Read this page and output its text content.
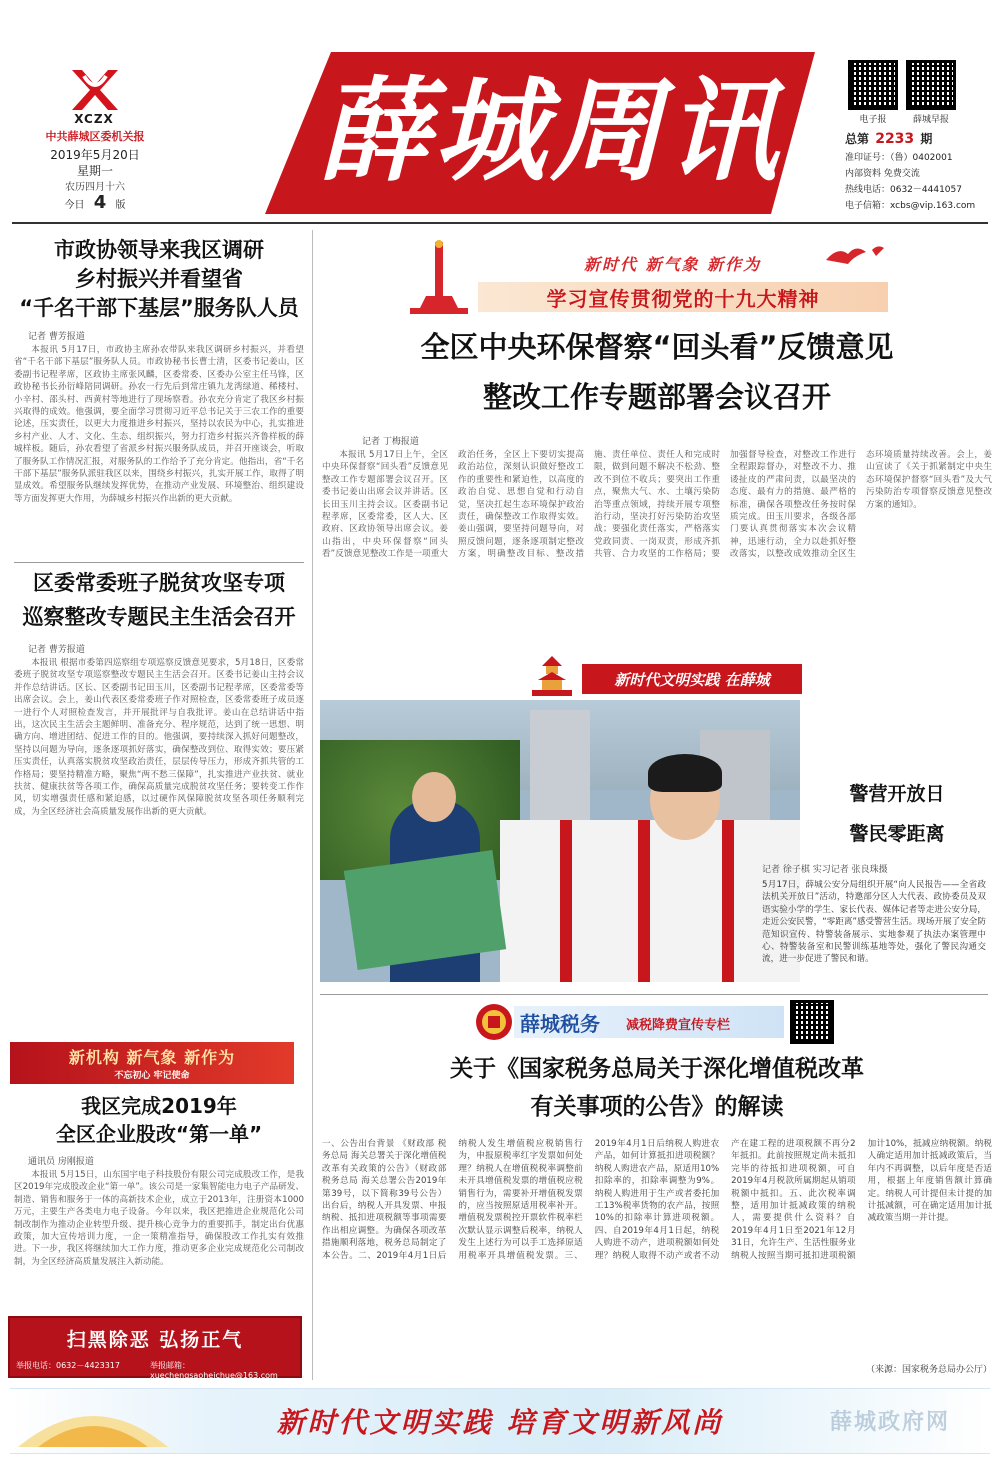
XCZX
中共薛城区委机关报
2019年5月20日
星期一
农历四月十六
今日 4 版
薛城周讯	电子报	薛城早报
总第 2233 期
准印证号：（鲁）0402001
内部资料 免费交流
热线电话：0632－4441057
电子信箱：xcbs@vip.163.com
市政协领导来我区调研
乡村振兴并看望省
“千名干部下基层”服务队人员
记者 曹芳报道
本报讯 5月17日，市政协主席孙农带队来我区调研乡村振兴，并看望省“千名干部下基层”服务队人员。市政协秘书长曹士清，区委书记姜山，区委副书记程孝席，区政协主席张风麟，区委常委、区委办公室主任马锋，区政协秘书长孙衍峰陪同调研。孙农一行先后到常庄镇九龙湾绿道、稀楼村、小辛村、邵头村、西黄村等地进行了现场察看。孙农充分肯定了我区乡村振兴取得的成效。他强调，要全面学习贯彻习近平总书记关于三农工作的重要论述，压实责任，以更大力度推进乡村振兴，坚持以农民为中心，扎实推进乡村产业、人才、文化、生态、组织振兴，努力打造乡村振兴齐鲁样板的薛城样板。随后，孙农看望了省派乡村振兴服务队成员，并召开座谈会，听取了服务队工作情况汇报，对服务队的工作给予了充分肯定。他指出，省“千名干部下基层”服务队派驻我区以来，围绕乡村振兴，扎实开展工作，取得了明显成效。希望服务队继续发挥优势，在推动产业发展、环境整治、组织建设等方面发挥更大作用，为薛城乡村振兴作出新的更大贡献。
区委常委班子脱贫攻坚专项
巡察整改专题民主生活会召开
记者 曹芳报道
本报讯 根据市委第四巡察组专项巡察反馈意见要求，5月18日，区委常委班子脱贫攻坚专项巡察整改专题民主生活会召开。区委书记姜山主持会议并作总结讲话。区长、区委副书记田玉川，区委副书记程孝席，区委常委等出席会议。会上，姜山代表区委常委班子作对照检查，区委常委班子成员逐一进行个人对照检查发言，并开展批评与自我批评。姜山在总结讲话中指出，这次民主生活会主题鲜明、准备充分、程序规范，达到了统一思想、明确方向、增进团结、促进工作的目的。他强调，要持续深入抓好问题整改，坚持以问题为导向，逐条逐项抓好落实，确保整改到位、取得实效；要压紧压实责任，认真落实脱贫攻坚政治责任，层层传导压力，形成齐抓共管的工作格局；要坚持精准方略，聚焦“两不愁三保障”，扎实推进产业扶贫、就业扶贫、健康扶贫等各项工作，确保高质量完成脱贫攻坚任务；要转变工作作风，切实增强责任感和紧迫感，以过硬作风保障脱贫攻坚各项任务顺利完成，为全区经济社会高质量发展作出新的更大贡献。
新机构 新气象 新作为
不忘初心 牢记使命
我区完成2019年
全区企业股改“第一单”
通讯员 房刚报道
本报讯 5月15日，山东国宇电子科技股份有限公司完成股改工作，是我区2019年完成股改企业“第一单”。该公司是一家集智能电力电子产品研发、制造、销售和服务于一体的高新技术企业，成立于2013年，注册资本1000万元，主要生产各类电力电子设备。今年以来，我区把推进企业规范化公司制改制作为推动企业转型升级、提升核心竞争力的重要抓手，制定出台优惠政策，加大宣传培训力度，一企一策精准指导，确保股改工作扎实有效推进。下一步，我区将继续加大工作力度，推动更多企业完成规范化公司制改制，为全区经济高质量发展注入新动能。
扫黑除恶 弘扬正气
举报电话：0632－4423317	举报邮箱：xuechengsaoheichue@163.com
新时代 新气象 新作为
学习宣传贯彻党的十九大精神
全区中央环保督察“回头看”反馈意见
整改工作专题部署会议召开
记者 丁梅报道
本报讯 5月17日上午，全区中央环保督察“回头看”反馈意见整改工作专题部署会议召开。区委书记姜山出席会议并讲话。区长田玉川主持会议。区委副书记程孝席，区委常委，区人大、区政府、区政协领导出席会议。姜山指出，中央环保督察“回头看”反馈意见整改工作是一项重大政治任务，全区上下要切实提高政治站位，深刻认识做好整改工作的重要性和紧迫性，以高度的政治自觉、思想自觉和行动自觉，坚决扛起生态环境保护政治责任，确保整改工作取得实效。姜山强调，要坚持问题导向，对照反馈问题，逐条逐项制定整改方案，明确整改目标、整改措施、责任单位、责任人和完成时限，做到问题不解决不松劲、整改不到位不收兵；要突出工作重点，聚焦大气、水、土壤污染防治等重点领域，持续开展专项整治行动，坚决打好污染防治攻坚战；要强化责任落实，严格落实党政同责、一岗双责，形成齐抓共管、合力攻坚的工作格局；要加强督导检查，对整改工作进行全程跟踪督办，对整改不力、推诿扯皮的严肃问责，以最坚决的态度、最有力的措施、最严格的标准，确保各项整改任务按时保质完成。田玉川要求，各级各部门要认真贯彻落实本次会议精神，迅速行动，全力以赴抓好整改落实，以整改成效推动全区生态环境质量持续改善。会上，姜山宣读了《关于抓紧制定中央生态环境保护督察“回头看”及大气污染防治专项督察反馈意见整改方案的通知》。
新时代文明实践 在薛城
警营开放日
警民零距离
记者 徐子棋 实习记者 张良珠摄
5月17日，薛城公安分局组织开展“向人民报告——全省政法机关开放日”活动，特邀部分区人大代表、政协委员及双语实验小学的学生、家长代表、媒体记者等走进公安分局，走近公安民警，“零距离”感受警营生活。现场开展了安全防范知识宣传、特警装备展示、实地参观了执法办案管理中心、特警装备室和民警训练基地等处，强化了警民沟通交流，进一步促进了警民和谐。
薛城税务 减税降费宣传专栏
关于《国家税务总局关于深化增值税改革
有关事项的公告》的解读
一、公告出台背景 《财政部 税务总局 海关总署关于深化增值税改革有关政策的公告》（财政部 税务总局 海关总署公告2019年第39号，以下简称39号公告）出台后，纳税人开具发票、申报纳税、抵扣进项税额等事项需要作出相应调整。为确保各项改革措施顺利落地，税务总局制定了本公告。二、2019年4月1日后纳税人发生增值税应税销售行为，申报原税率红字发票如何处理？纳税人在增值税税率调整前未开具增值税发票的增值税应税销售行为，需要补开增值税发票的，应当按照原适用税率补开。增值税发票税控开票软件税率栏次默认显示调整后税率，纳税人发生上述行为可以手工选择原适用税率开具增值税发票。三、2019年4月1日后纳税人购进农产品，如何计算抵扣进项税额？纳税人购进农产品，原适用10%扣除率的，扣除率调整为9%。纳税人购进用于生产或者委托加工13%税率货物的农产品，按照10%的扣除率计算进项税额。四、自2019年4月1日起，纳税人购进不动产，进项税额如何处理？纳税人取得不动产或者不动产在建工程的进项税额不再分2年抵扣。此前按照规定尚未抵扣完毕的待抵扣进项税额，可自2019年4月税款所属期起从销项税额中抵扣。五、此次税率调整，适用加计抵减政策的纳税人，需要提供什么资料？自2019年4月1日至2021年12月31日，允许生产、生活性服务业纳税人按照当期可抵扣进项税额加计10%，抵减应纳税额。纳税人确定适用加计抵减政策后，当年内不再调整，以后年度是否适用，根据上年度销售额计算确定。纳税人可计提但未计提的加计抵减额，可在确定适用加计抵减政策当期一并计提。
（来源：国家税务总局办公厅）
新时代文明实践 培育文明新风尚	薛城政府网
